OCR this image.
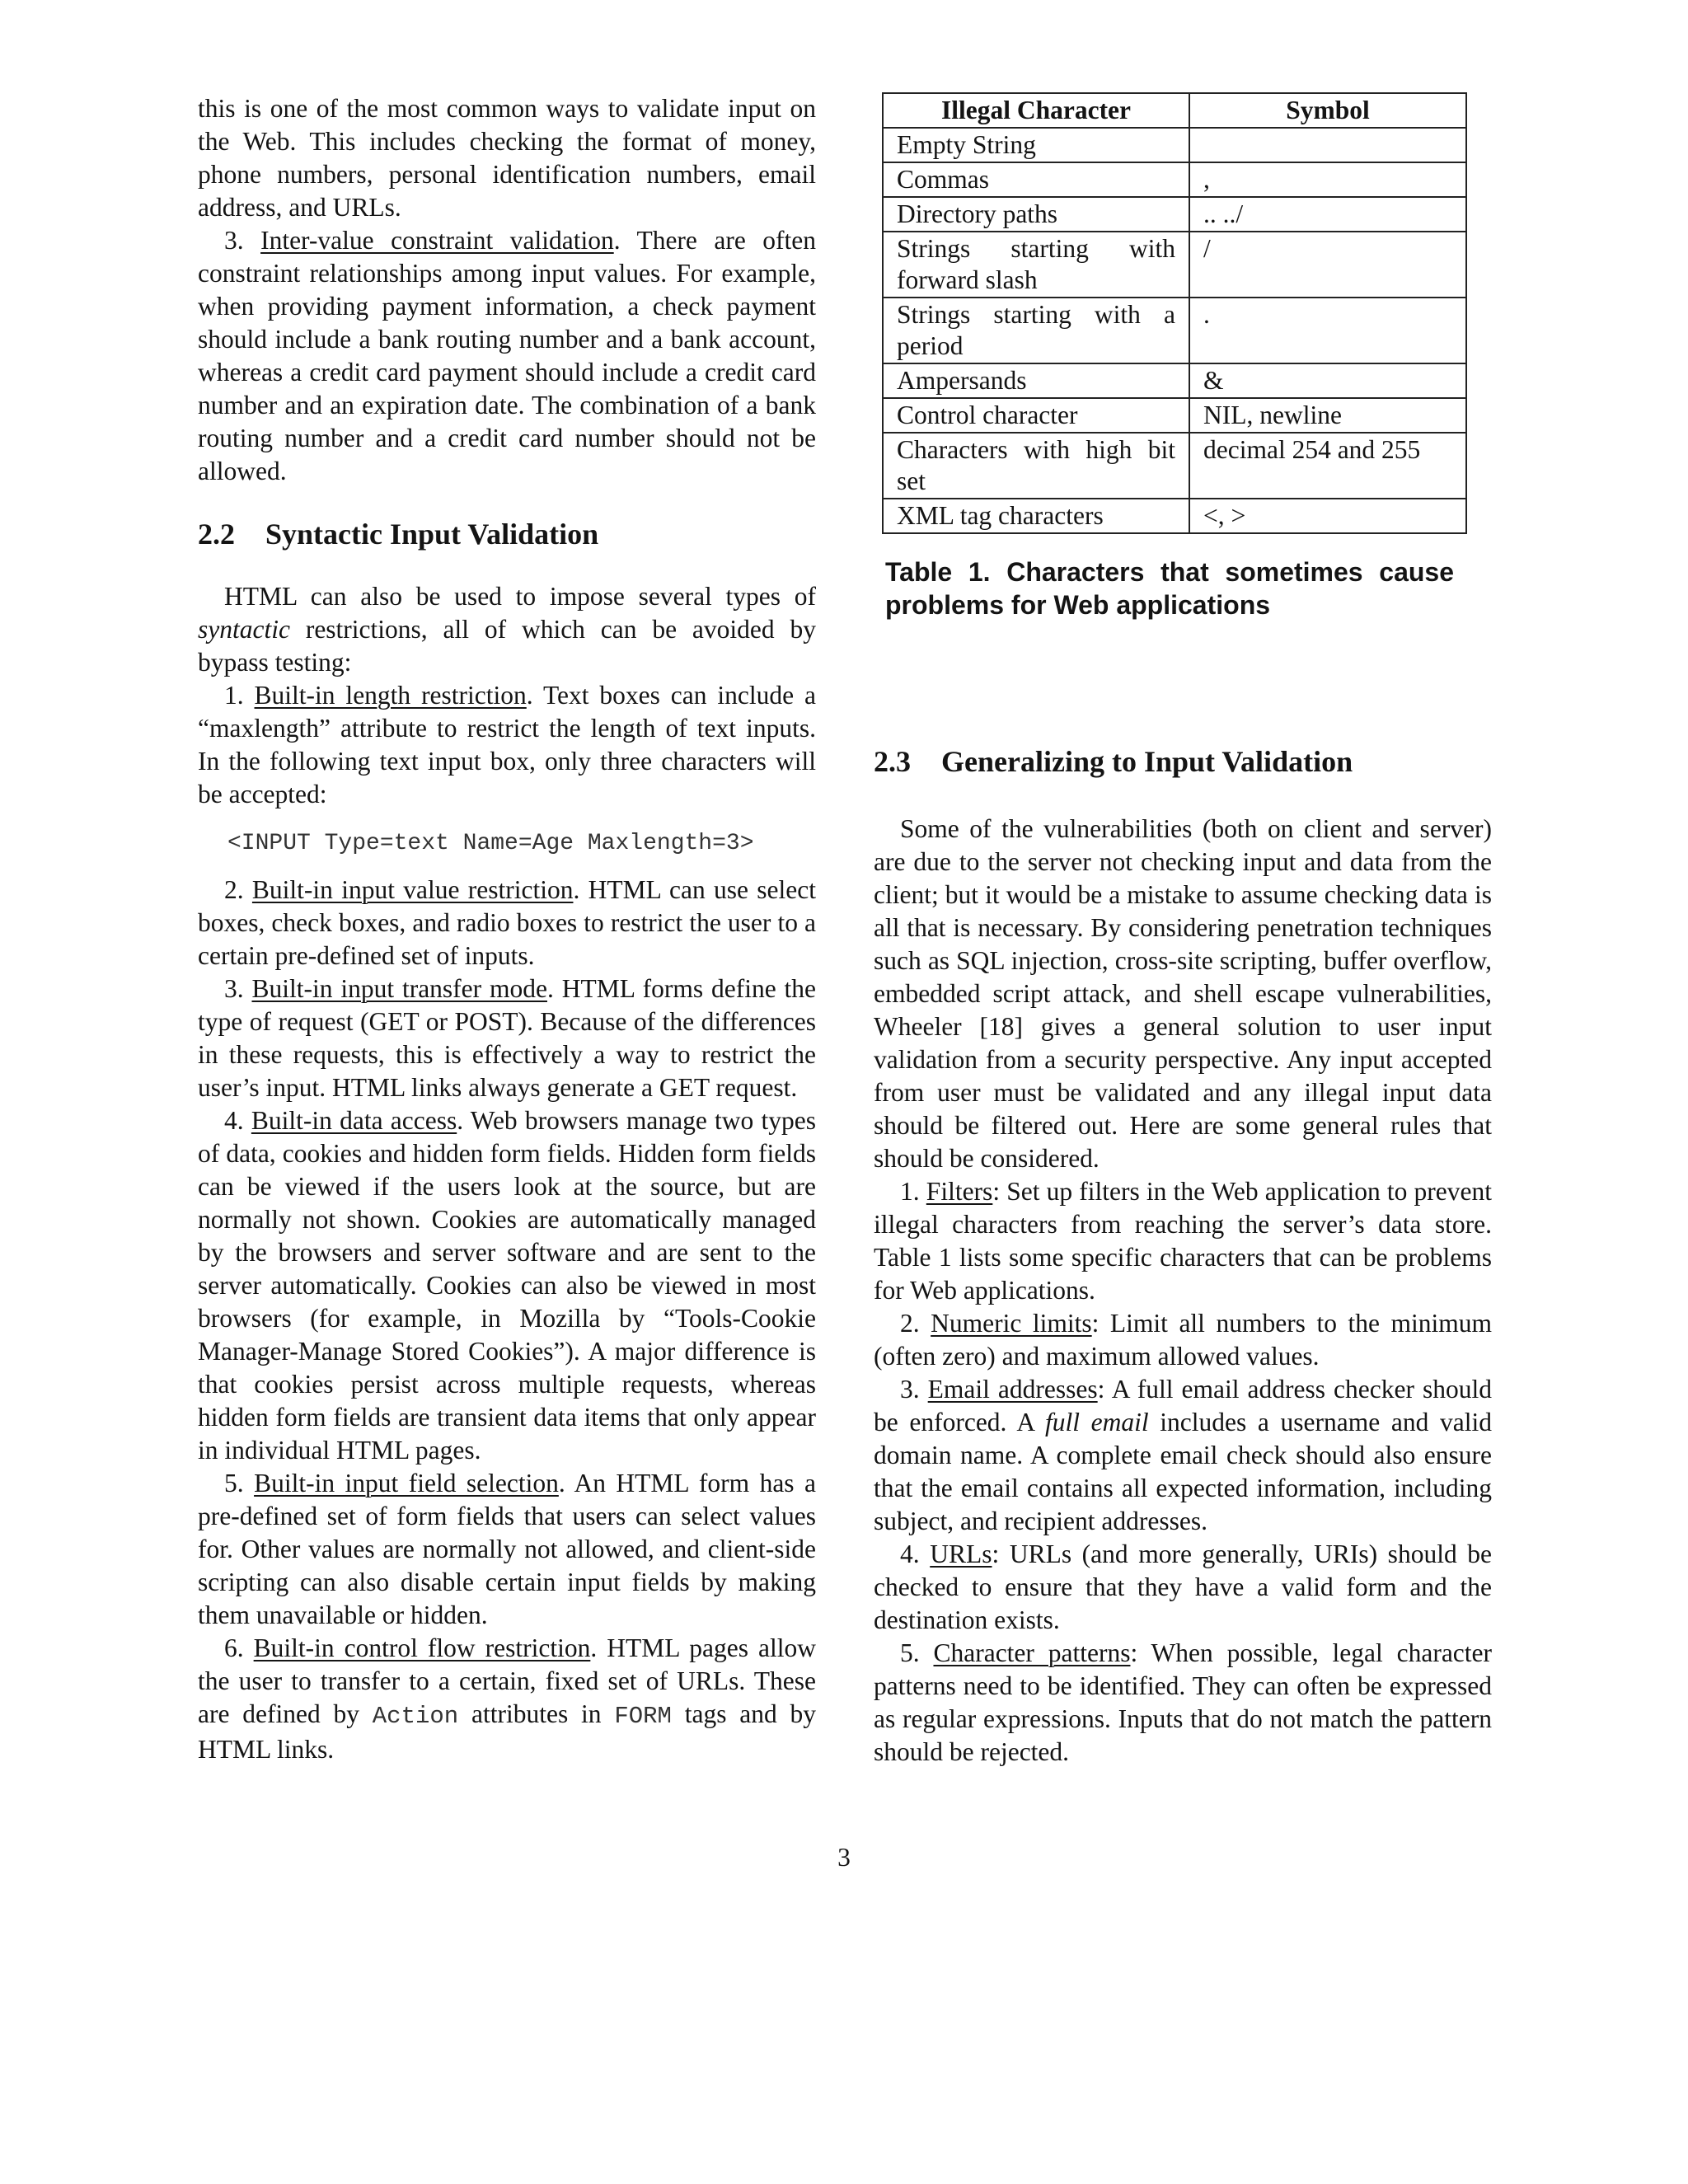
this is one of the most common ways to validate input on the Web. This includes checking the format of money, phone numbers, personal identification numbers, email address, and URLs.

3. Inter-value constraint validation. There are often constraint relationships among input values. For example, when providing payment information, a check payment should include a bank routing number and a bank account, whereas a credit card payment should include a credit card number and an expiration date. The combination of a bank routing number and a credit card number should not be allowed.

2.2 Syntactic Input Validation

HTML can also be used to impose several types of syntactic restrictions, all of which can be avoided by bypass testing:

1. Built-in length restriction. Text boxes can include a “maxlength” attribute to restrict the length of text inputs. In the following text input box, only three characters will be accepted:

<INPUT Type=text Name=Age Maxlength=3>

2. Built-in input value restriction. HTML can use select boxes, check boxes, and radio boxes to restrict the user to a certain pre-defined set of inputs.

3. Built-in input transfer mode. HTML forms define the type of request (GET or POST). Because of the differences in these requests, this is effectively a way to restrict the user’s input. HTML links always generate a GET request.

4. Built-in data access. Web browsers manage two types of data, cookies and hidden form fields. Hidden form fields can be viewed if the users look at the source, but are normally not shown. Cookies are automatically managed by the browsers and server software and are sent to the server automatically. Cookies can also be viewed in most browsers (for example, in Mozilla by “Tools-Cookie Manager-Manage Stored Cookies”). A major difference is that cookies persist across multiple requests, whereas hidden form fields are transient data items that only appear in individual HTML pages.

5. Built-in input field selection. An HTML form has a pre-defined set of form fields that users can select values for. Other values are normally not allowed, and client-side scripting can also disable certain input fields by making them unavailable or hidden.

6. Built-in control flow restriction. HTML pages allow the user to transfer to a certain, fixed set of URLs. These are defined by Action attributes in FORM tags and by HTML links.

Illegal Character	Symbol
Empty String	
Commas	,
Directory paths	.. ../
Strings starting with forward slash	/
Strings starting with a period	.
Ampersands	&
Control character	NIL, newline
Characters with high bit set	decimal 254 and 255
XML tag characters	<, >
Table 1. Characters that sometimes cause problems for Web applications
2.3 Generalizing to Input Validation

Some of the vulnerabilities (both on client and server) are due to the server not checking input and data from the client; but it would be a mistake to assume checking data is all that is necessary. By considering penetration techniques such as SQL injection, cross-site scripting, buffer overflow, embedded script attack, and shell escape vulnerabilities, Wheeler [18] gives a general solution to user input validation from a security perspective. Any input accepted from user must be validated and any illegal input data should be filtered out. Here are some general rules that should be considered.

1. Filters: Set up filters in the Web application to prevent illegal characters from reaching the server’s data store. Table 1 lists some specific characters that can be problems for Web applications.

2. Numeric limits: Limit all numbers to the minimum (often zero) and maximum allowed values.

3. Email addresses: A full email address checker should be enforced. A full email includes a username and valid domain name. A complete email check should also ensure that the email contains all expected information, including subject, and recipient addresses.

4. URLs: URLs (and more generally, URIs) should be checked to ensure that they have a valid form and the destination exists.

5. Character patterns: When possible, legal character patterns need to be identified. They can often be expressed as regular expressions. Inputs that do not match the pattern should be rejected.

3
